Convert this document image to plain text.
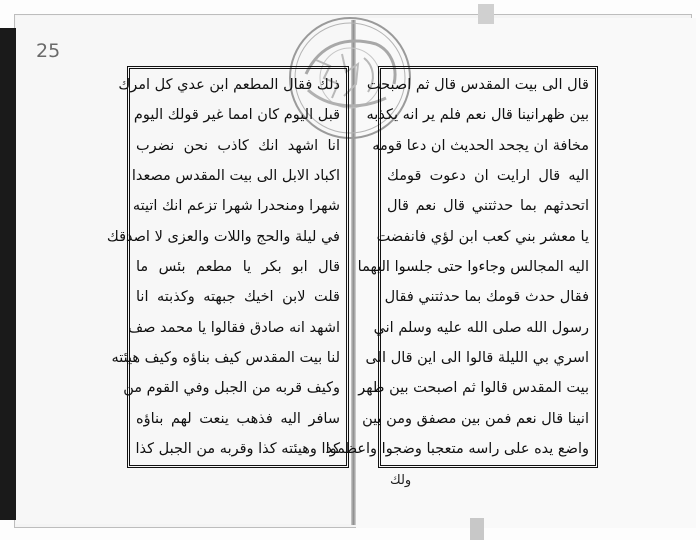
25
ذلك فقال المطعم ابن عدي كل امرك
قبل اليوم كان امما غير قولك اليوم
انا اشهد انك كاذب نحن نضرب
اكباد الابل الى بيت المقدس مصعدا
شهرا ومنحدرا شهرا تزعم انك اتيته
في ليلة والحج واللات والعزى لا اصدقك
قال ابو بكر يا مطعم بئس ما
قلت لابن اخيك جبهته وكذبته انا
اشهد انه صادق فقالوا يا محمد صف
لنا بيت المقدس كيف بناؤه وكيف هيئته
وكيف قربه من الجبل وفي القوم من
سافر اليه فذهب ينعت لهم بناؤه
كذا وهيئته كذا وقربه من الجبل كذا
قال الى بيت المقدس قال ثم اصبحت
بين ظهرانينا قال نعم فلم ير انه يكذبه
مخافة ان يجحد الحديث ان دعا قومه
اليه قال ارايت ان دعوت قومك
اتحدثهم بما حدثتني قال نعم قال
يا معشر بني كعب ابن لؤي فانفضت
اليه المجالس وجاءوا حتى جلسوا اليهما
فقال حدث قومك بما حدثتني فقال
رسول الله صلى الله عليه وسلم اني
اسري بي الليلة قالوا الى اين قال الى
بيت المقدس قالوا ثم اصبحت بين ظهر
انينا قال نعم فمن بين مصفق ومن بين
واضع يده على راسه متعجبا وضجوا واعظموا
ولك
